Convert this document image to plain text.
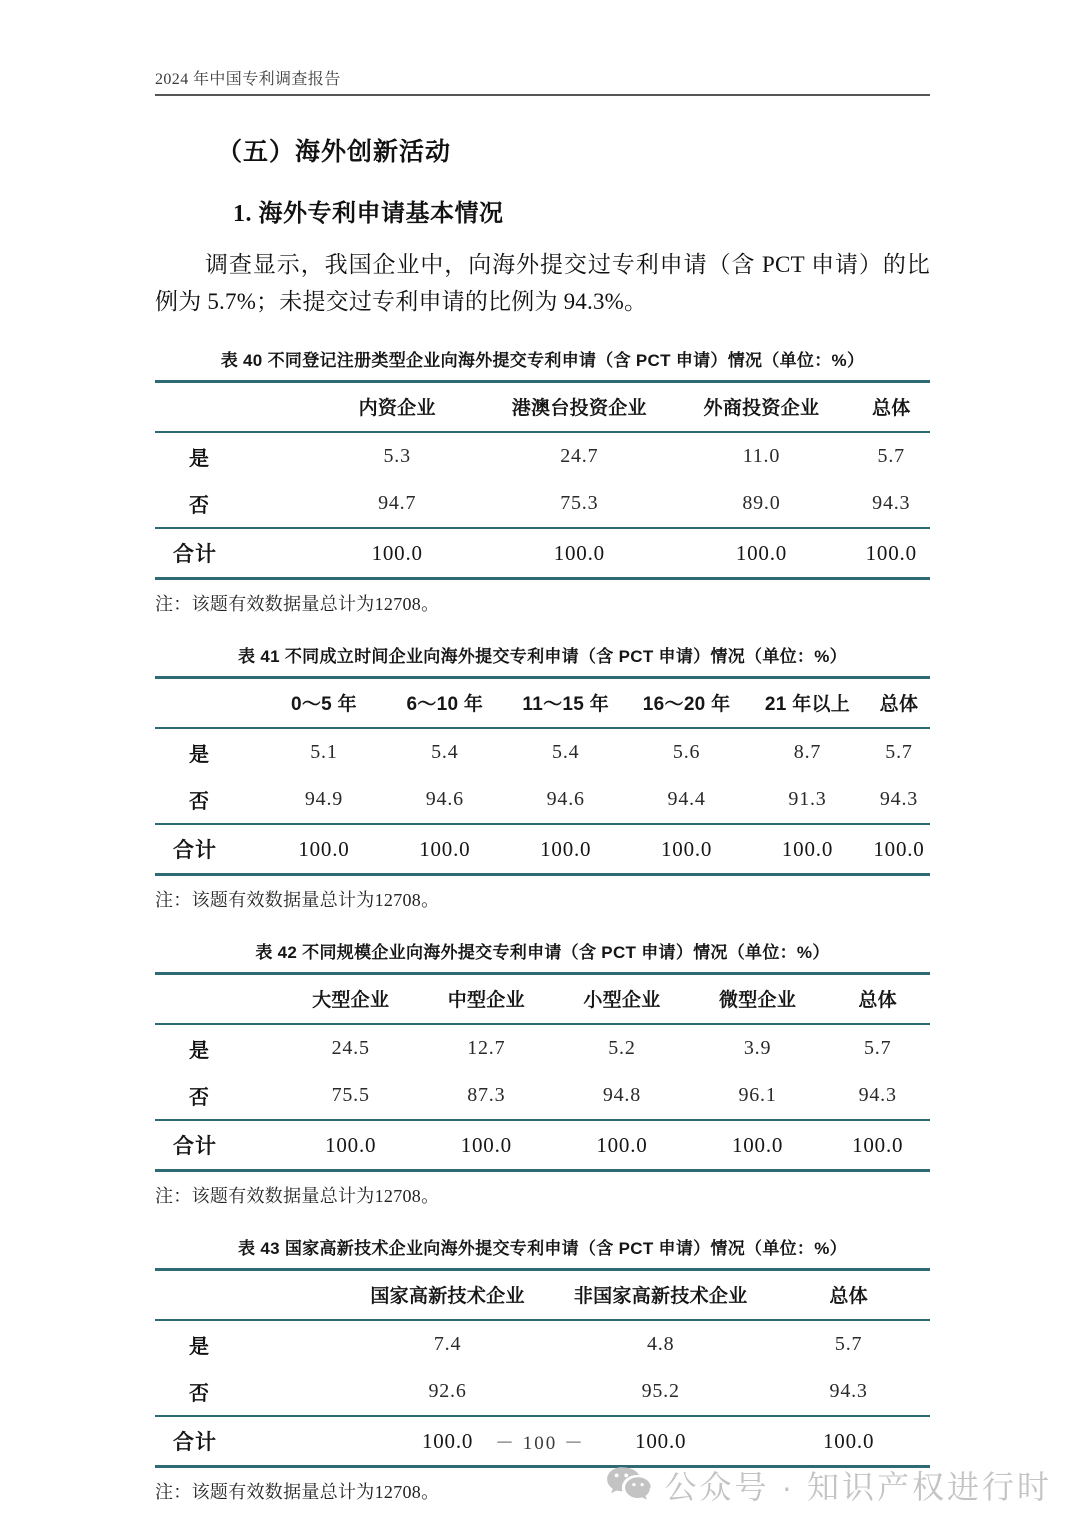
2024 年中国专利调查报告
（五）海外创新活动
1. 海外专利申请基本情况

调查显示，我国企业中，向海外提交过专利申请（含 PCT 申请）的比例为 5.7%；未提交过专利申请的比例为 94.3%。

表 40 不同登记注册类型企业向海外提交专利申请（含 PCT 申请）情况（单位：%）
	内资企业	港澳台投资企业	外商投资企业	总体
是	5.3	24.7	11.0	5.7
否	94.7	75.3	89.0	94.3
合计	100.0	100.0	100.0	100.0
注：该题有效数据量总计为12708。
表 41 不同成立时间企业向海外提交专利申请（含 PCT 申请）情况（单位：%）
	0～5 年	6～10 年	11～15 年	16～20 年	21 年以上	总体
是	5.1	5.4	5.4	5.6	8.7	5.7
否	94.9	94.6	94.6	94.4	91.3	94.3
合计	100.0	100.0	100.0	100.0	100.0	100.0
注：该题有效数据量总计为12708。
表 42 不同规模企业向海外提交专利申请（含 PCT 申请）情况（单位：%）
	大型企业	中型企业	小型企业	微型企业	总体
是	24.5	12.7	5.2	3.9	5.7
否	75.5	87.3	94.8	96.1	94.3
合计	100.0	100.0	100.0	100.0	100.0
注：该题有效数据量总计为12708。
表 43 国家高新技术企业向海外提交专利申请（含 PCT 申请）情况（单位：%）
	国家高新技术企业	非国家高新技术企业	总体
是	7.4	4.8	5.7
否	92.6	95.2	94.3
合计	100.0	100.0	100.0
注：该题有效数据量总计为12708。
－ 100 －
公众号 · 知识产权进行时
